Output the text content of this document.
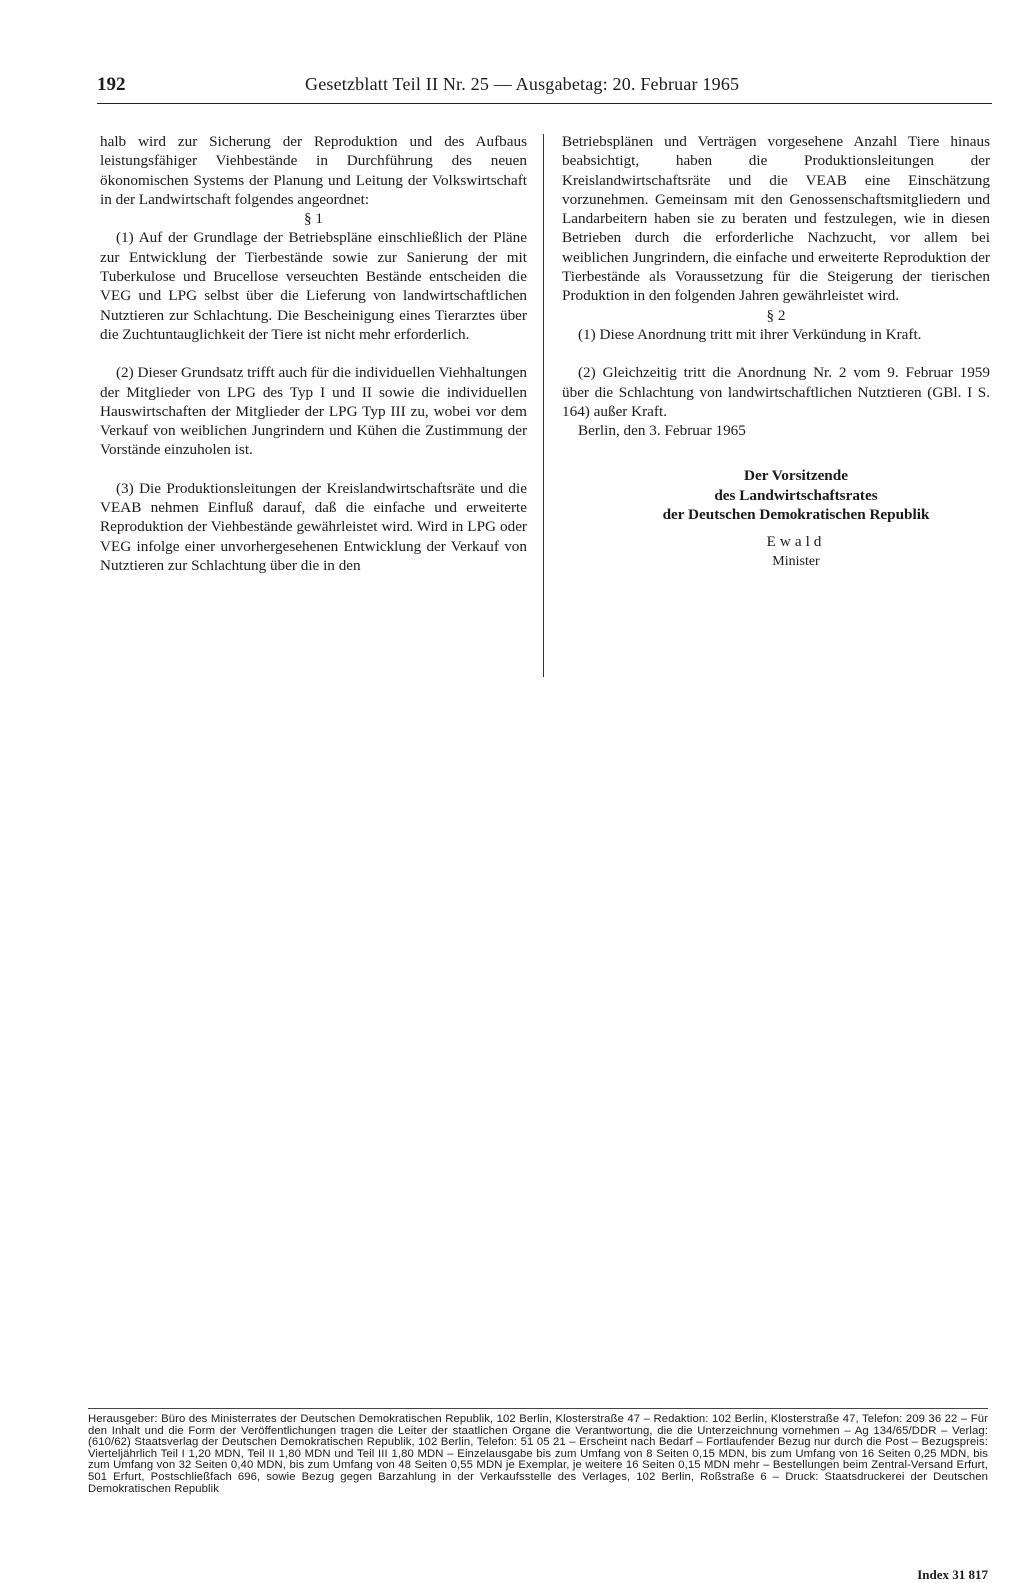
192	Gesetzblatt Teil II Nr. 25 — Ausgabetag: 20. Februar 1965

halb wird zur Sicherung der Reproduktion und des Aufbaus leistungsfähiger Viehbestände in Durchführung des neuen ökonomischen Systems der Planung und Leitung der Volkswirtschaft in der Landwirtschaft folgendes angeordnet:

§ 1

(1) Auf der Grundlage der Betriebspläne einschließlich der Pläne zur Entwicklung der Tierbestände sowie zur Sanierung der mit Tuberkulose und Brucellose verseuchten Bestände entscheiden die VEG und LPG selbst über die Lieferung von landwirtschaftlichen Nutztieren zur Schlachtung. Die Bescheinigung eines Tierarztes über die Zuchtuntauglichkeit der Tiere ist nicht mehr erforderlich.

(2) Dieser Grundsatz trifft auch für die individuellen Viehhaltungen der Mitglieder von LPG des Typ I und II sowie die individuellen Hauswirtschaften der Mitglieder der LPG Typ III zu, wobei vor dem Verkauf von weiblichen Jungrindern und Kühen die Zustimmung der Vorstände einzuholen ist.

(3) Die Produktionsleitungen der Kreislandwirtschaftsräte und die VEAB nehmen Einfluß darauf, daß die einfache und erweiterte Reproduktion der Viehbestände gewährleistet wird. Wird in LPG oder VEG infolge einer unvorhergesehenen Entwicklung der Verkauf von Nutztieren zur Schlachtung über die in den

Betriebsplänen und Verträgen vorgesehene Anzahl Tiere hinaus beabsichtigt, haben die Produktionsleitungen der Kreislandwirtschaftsräte und die VEAB eine Einschätzung vorzunehmen. Gemeinsam mit den Genossenschaftsmitgliedern und Landarbeitern haben sie zu beraten und festzulegen, wie in diesen Betrieben durch die erforderliche Nachzucht, vor allem bei weiblichen Jungrindern, die einfache und erweiterte Reproduktion der Tierbestände als Voraussetzung für die Steigerung der tierischen Produktion in den folgenden Jahren gewährleistet wird.

§ 2

(1) Diese Anordnung tritt mit ihrer Verkündung in Kraft.

(2) Gleichzeitig tritt die Anordnung Nr. 2 vom 9. Februar 1959 über die Schlachtung von landwirtschaftlichen Nutztieren (GBl. I S. 164) außer Kraft.

Berlin, den 3. Februar 1965

Der Vorsitzende
des Landwirtschaftsrates
der Deutschen Demokratischen Republik
Ewald
Minister
Herausgeber: Büro des Ministerrates der Deutschen Demokratischen Republik, 102 Berlin, Klosterstraße 47 – Redaktion: 102 Berlin, Klosterstraße 47, Telefon: 209 36 22 – Für den Inhalt und die Form der Veröffentlichungen tragen die Leiter der staatlichen Organe die Verantwortung, die die Unterzeichnung vornehmen – Ag 134/65/DDR – Verlag: (610/62) Staatsverlag der Deutschen Demokratischen Republik, 102 Berlin, Telefon: 51 05 21 – Erscheint nach Bedarf – Fortlaufender Bezug nur durch die Post – Bezugspreis: Vierteljährlich Teil I 1,20 MDN, Teil II 1,80 MDN und Teil III 1,80 MDN – Einzelausgabe bis zum Umfang von 8 Seiten 0,15 MDN, bis zum Umfang von 16 Seiten 0,25 MDN, bis zum Umfang von 32 Seiten 0,40 MDN, bis zum Umfang von 48 Seiten 0,55 MDN je Exemplar, je weitere 16 Seiten 0,15 MDN mehr – Bestellungen beim Zentral-Versand Erfurt, 501 Erfurt, Postschließfach 696, sowie Bezug gegen Barzahlung in der Verkaufsstelle des Verlages, 102 Berlin, Roßstraße 6 – Druck: Staatsdruckerei der Deutschen Demokratischen Republik
Index 31 817
